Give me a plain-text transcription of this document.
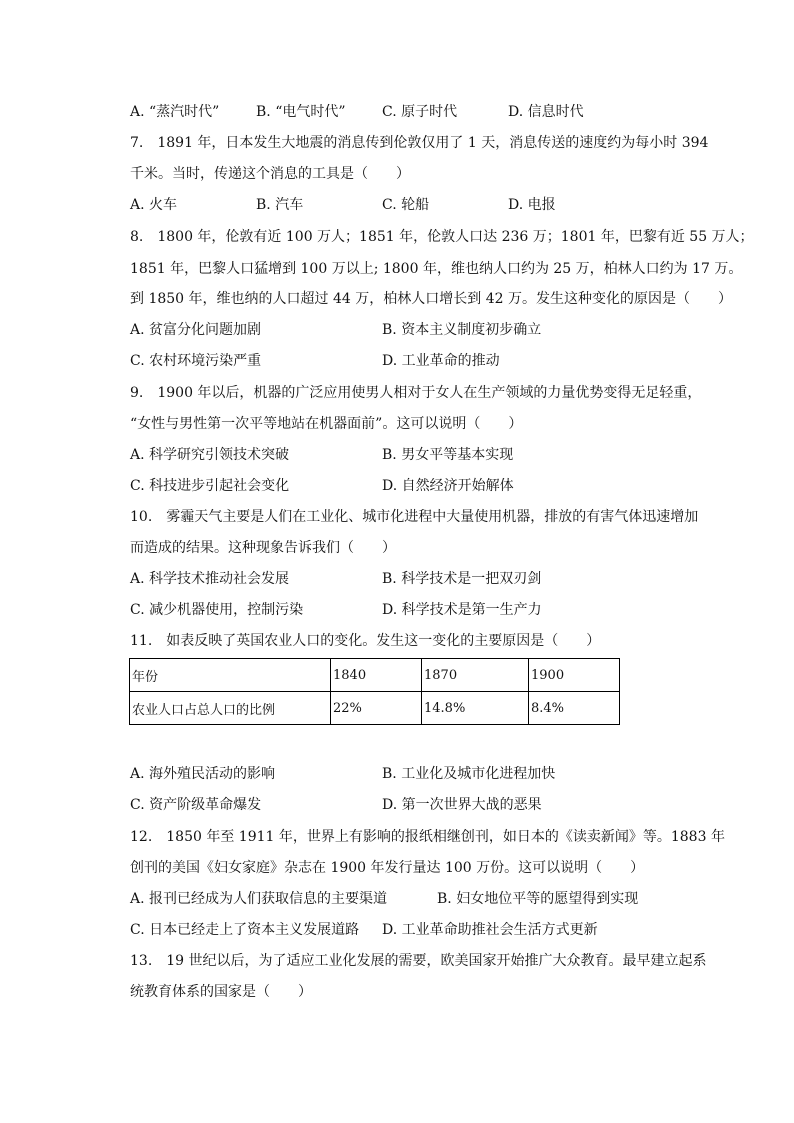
A. “蒸汽时代”	B. “电气时代”	C. 原子时代	D. 信息时代
7.　1891 年，日本发生大地震的消息传到伦敦仅用了 1 天，消息传送的速度约为每小时 394
千米。当时，传递这个消息的工具是（　　）
A. 火车	B. 汽车	C. 轮船	D. 电报
8.　1800 年，伦敦有近 100 万人；1851 年，伦敦人口达 236 万；1801 年，巴黎有近 55 万人；
1851 年，巴黎人口猛增到 100 万以上; 1800 年，维也纳人口约为 25 万，柏林人口约为 17 万。
到 1850 年，维也纳的人口超过 44 万，柏林人口增长到 42 万。发生这种变化的原因是（　　）
A. 贫富分化问题加剧	B. 资本主义制度初步确立
C. 农村环境污染严重	D. 工业革命的推动
9.　1900 年以后，机器的广泛应用使男人相对于女人在生产领域的力量优势变得无足轻重，
“女性与男性第一次平等地站在机器面前”。这可以说明（　　）
A. 科学研究引领技术突破	B. 男女平等基本实现
C. 科技进步引起社会变化	D. 自然经济开始解体
10.　雾霾天气主要是人们在工业化、城市化进程中大量使用机器，排放的有害气体迅速增加
而造成的结果。这种现象告诉我们（　　）
A. 科学技术推动社会发展	B. 科学技术是一把双刃剑
C. 减少机器使用，控制污染	D. 科学技术是第一生产力
11.　如表反映了英国农业人口的变化。发生这一变化的主要原因是（　　）
年份	1840	1870	1900
农业人口占总人口的比例	22%	14.8%	8.4%
A. 海外殖民活动的影响	B. 工业化及城市化进程加快
C. 资产阶级革命爆发	D. 第一次世界大战的恶果
12.　1850 年至 1911 年，世界上有影响的报纸相继创刊，如日本的《读卖新闻》等。1883 年
创刊的美国《妇女家庭》杂志在 1900 年发行量达 100 万份。这可以说明（　　）
A. 报刊已经成为人们获取信息的主要渠道	B. 妇女地位平等的愿望得到实现
C. 日本已经走上了资本主义发展道路 D. 工业革命助推社会生活方式更新
13.　19 世纪以后，为了适应工业化发展的需要，欧美国家开始推广大众教育。最早建立起系
统教育体系的国家是（　　）
